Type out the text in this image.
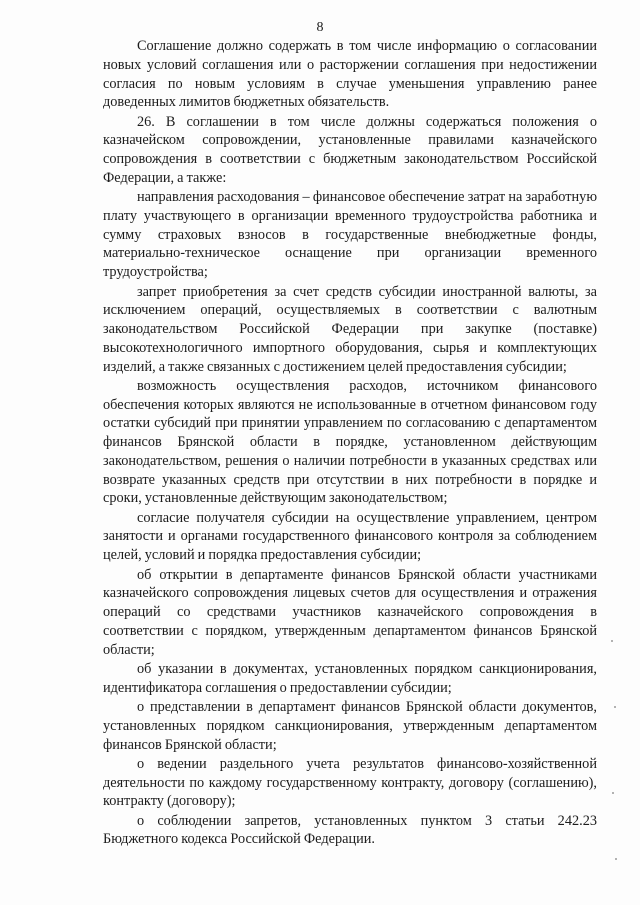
8

Соглашение должно содержать в том числе информацию о согласовании новых условий соглашения или о расторжении соглашения при недостижении согласия по новым условиям в случае уменьшения управлению ранее доведенных лимитов бюджетных обязательств.

26. В соглашении в том числе должны содержаться положения о казначейском сопровождении, установленные правилами казначейского сопровождения в соответствии с бюджетным законодательством Российской Федерации, а также:

направления расходования – финансовое обеспечение затрат на заработную плату участвующего в организации временного трудоустройства работника и сумму страховых взносов в государственные внебюджетные фонды, материально-техническое оснащение при организации временного трудоустройства;

запрет приобретения за счет средств субсидии иностранной валюты, за исключением операций, осуществляемых в соответствии с валютным законодательством Российской Федерации при закупке (поставке) высокотехнологичного импортного оборудования, сырья и комплектующих изделий, а также связанных с достижением целей предоставления субсидии;

возможность осуществления расходов, источником финансового обеспечения которых являются не использованные в отчетном финансовом году остатки субсидий при принятии управлением по согласованию с департаментом финансов Брянской области в порядке, установленном действующим законодательством, решения о наличии потребности в указанных средствах или возврате указанных средств при отсутствии в них потребности в порядке и сроки, установленные действующим законодательством;

согласие получателя субсидии на осуществление управлением, центром занятости и органами государственного финансового контроля за соблюдением целей, условий и порядка предоставления субсидии;

об открытии в департаменте финансов Брянской области участниками казначейского сопровождения лицевых счетов для осуществления и отражения операций со средствами участников казначейского сопровождения в соответствии с порядком, утвержденным департаментом финансов Брянской области;

об указании в документах, установленных порядком санкционирования, идентификатора соглашения о предоставлении субсидии;

о представлении в департамент финансов Брянской области документов, установленных порядком санкционирования, утвержденным департаментом финансов Брянской области;

о ведении раздельного учета результатов финансово-хозяйственной деятельности по каждому государственному контракту, договору (соглашению), контракту (договору);

о соблюдении запретов, установленных пунктом 3 статьи 242.23 Бюджетного кодекса Российской Федерации.
